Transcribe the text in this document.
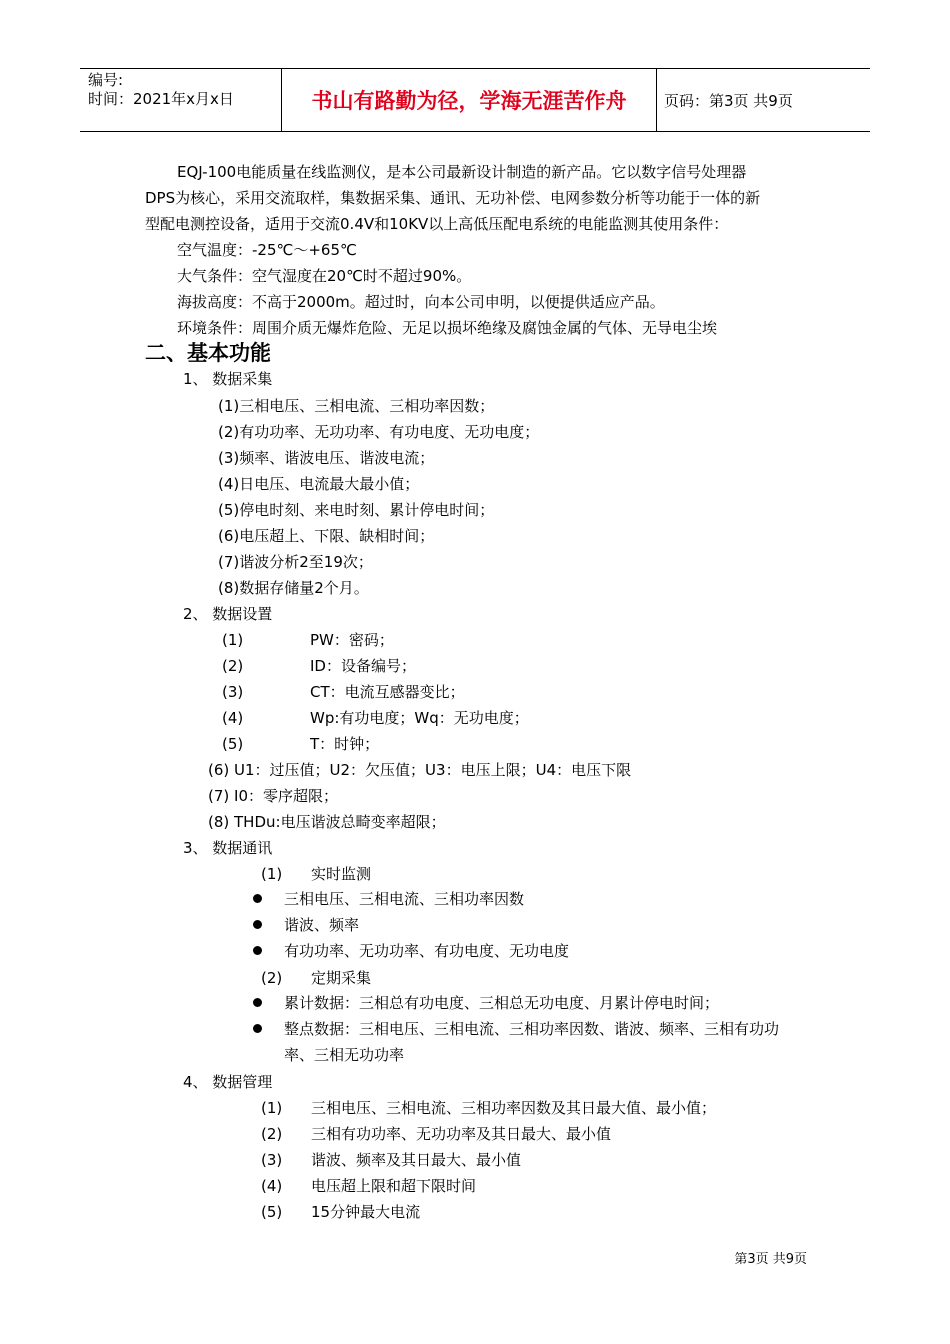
编号:
时间：2021年x月x日	书山有路勤为径，学海无涯苦作舟	页码：第3页 共9页
EQJ-100电能质量在线监测仪，是本公司最新设计制造的新产品。它以数字信号处理器
DPS为核心，采用交流取样，集数据采集、通讯、无功补偿、电网参数分析等功能于一体的新
型配电测控设备，适用于交流0.4V和10KV以上高低压配电系统的电能监测其使用条件：
空气温度：-25℃～+65℃
大气条件：空气湿度在20℃时不超过90%。
海拔高度：不高于2000m。超过时，向本公司申明，以便提供适应产品。
环境条件：周围介质无爆炸危险、无足以损坏绝缘及腐蚀金属的气体、无导电尘埃
二、基本功能
1、 数据采集
(1)三相电压、三相电流、三相功率因数；
(2)有功功率、无功功率、有功电度、无功电度；
(3)频率、谐波电压、谐波电流；
(4)日电压、电流最大最小值；
(5)停电时刻、来电时刻、累计停电时间；
(6)电压超上、下限、缺相时间；
(7)谐波分析2至19次；
(8)数据存储量2个月。
2、 数据设置
(1)	PW：密码；
(2)	ID：设备编号；
(3)	CT：电流互感器变比；
(4)	Wp:有功电度；Wq：无功电度；
(5)	T：时钟；
(6) U1：过压值；U2：欠压值；U3：电压上限；U4：电压下限
(7) I0：零序超限；
(8) THDu:电压谐波总畸变率超限；
3、 数据通讯
(1) 实时监测
三相电压、三相电流、三相功率因数
谐波、频率
有功功率、无功功率、有功电度、无功电度
(2) 定期采集
累计数据：三相总有功电度、三相总无功电度、月累计停电时间；
整点数据：三相电压、三相电流、三相功率因数、谐波、频率、三相有功功
率、三相无功功率
4、 数据管理
(1) 三相电压、三相电流、三相功率因数及其日最大值、最小值；
(2) 三相有功功率、无功功率及其日最大、最小值
(3) 谐波、频率及其日最大、最小值
(4) 电压超上限和超下限时间
(5) 15分钟最大电流
第3页 共9页
